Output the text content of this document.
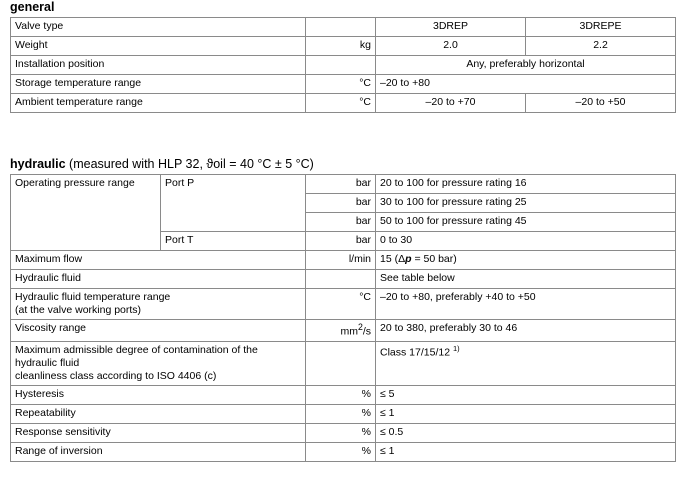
general
Valve type		3DREP	3DREPE
Weight	kg	2.0	2.2
Installation position		Any, preferably horizontal	
Storage temperature range	°C	–20 to +80	
Ambient temperature range	°C	–20 to +70	–20 to +50
hydraulic (measured with HLP 32, ϑoil = 40 °C ± 5 °C)
Operating pressure range	Port P	bar	20 to 100 for pressure rating 16
		bar	30 to 100 for pressure rating 25
		bar	50 to 100 for pressure rating 45
	Port T	bar	0 to 30
Maximum flow		l/min	15 (Δp = 50 bar)
Hydraulic fluid			See table below
Hydraulic fluid temperature range
(at the valve working ports)		°C	–20 to +80, preferably +40 to +50
Viscosity range		$mm^2/s$	20 to 380, preferably 30 to 46
Maximum admissible degree of contamination of the hydraulic fluid
cleanliness class according to ISO 4406 (c)			Class 17/15/12 $^{1)}$
Hysteresis		%	≤ 5
Repeatability		%	≤ 1
Response sensitivity		%	≤ 0.5
Range of inversion		%	≤ 1
